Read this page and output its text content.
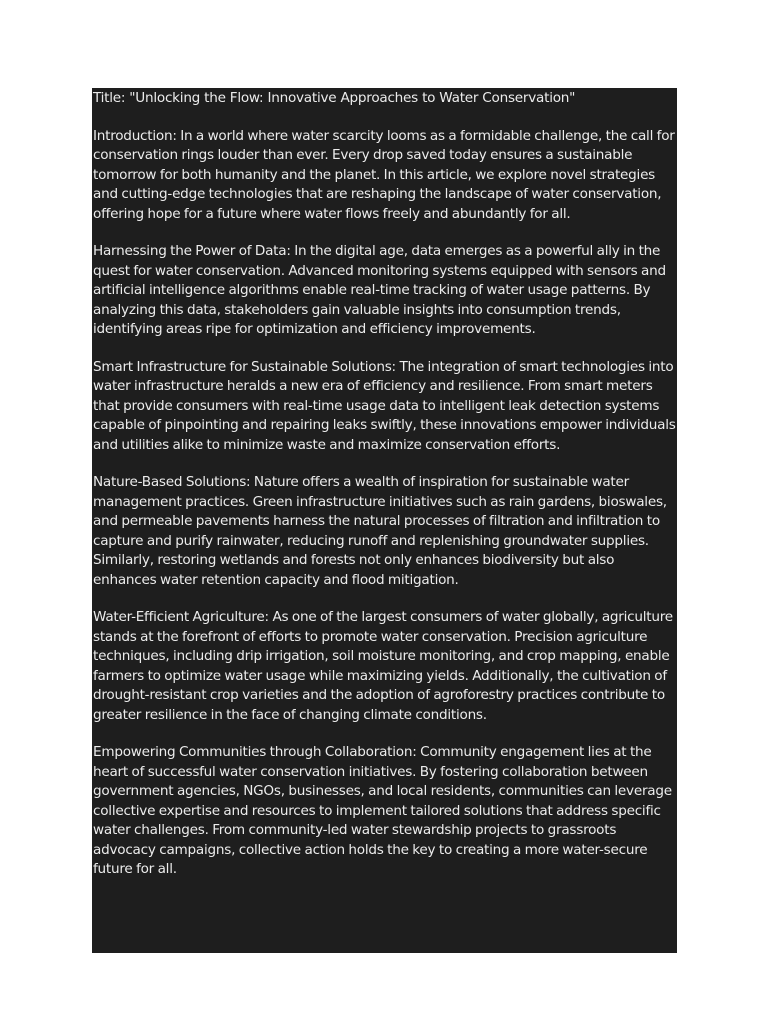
Title: "Unlocking the Flow: Innovative Approaches to Water Conservation"

Introduction: In a world where water scarcity looms as a formidable challenge, the call for conservation rings louder than ever. Every drop saved today ensures a sustainable tomorrow for both humanity and the planet. In this article, we explore novel strategies and cutting-edge technologies that are reshaping the landscape of water conservation, offering hope for a future where water flows freely and abundantly for all.

Harnessing the Power of Data: In the digital age, data emerges as a powerful ally in the quest for water conservation. Advanced monitoring systems equipped with sensors and artificial intelligence algorithms enable real-time tracking of water usage patterns. By analyzing this data, stakeholders gain valuable insights into consumption trends, identifying areas ripe for optimization and efficiency improvements.

Smart Infrastructure for Sustainable Solutions: The integration of smart technologies into water infrastructure heralds a new era of efficiency and resilience. From smart meters that provide consumers with real-time usage data to intelligent leak detection systems capable of pinpointing and repairing leaks swiftly, these innovations empower individuals and utilities alike to minimize waste and maximize conservation efforts.

Nature-Based Solutions: Nature offers a wealth of inspiration for sustainable water management practices. Green infrastructure initiatives such as rain gardens, bioswales, and permeable pavements harness the natural processes of filtration and infiltration to capture and purify rainwater, reducing runoff and replenishing groundwater supplies. Similarly, restoring wetlands and forests not only enhances biodiversity but also enhances water retention capacity and flood mitigation.

Water-Efficient Agriculture: As one of the largest consumers of water globally, agriculture stands at the forefront of efforts to promote water conservation. Precision agriculture techniques, including drip irrigation, soil moisture monitoring, and crop mapping, enable farmers to optimize water usage while maximizing yields. Additionally, the cultivation of drought-resistant crop varieties and the adoption of agroforestry practices contribute to greater resilience in the face of changing climate conditions.

Empowering Communities through Collaboration: Community engagement lies at the heart of successful water conservation initiatives. By fostering collaboration between government agencies, NGOs, businesses, and local residents, communities can leverage collective expertise and resources to implement tailored solutions that address specific water challenges. From community-led water stewardship projects to grassroots advocacy campaigns, collective action holds the key to creating a more water-secure future for all.
